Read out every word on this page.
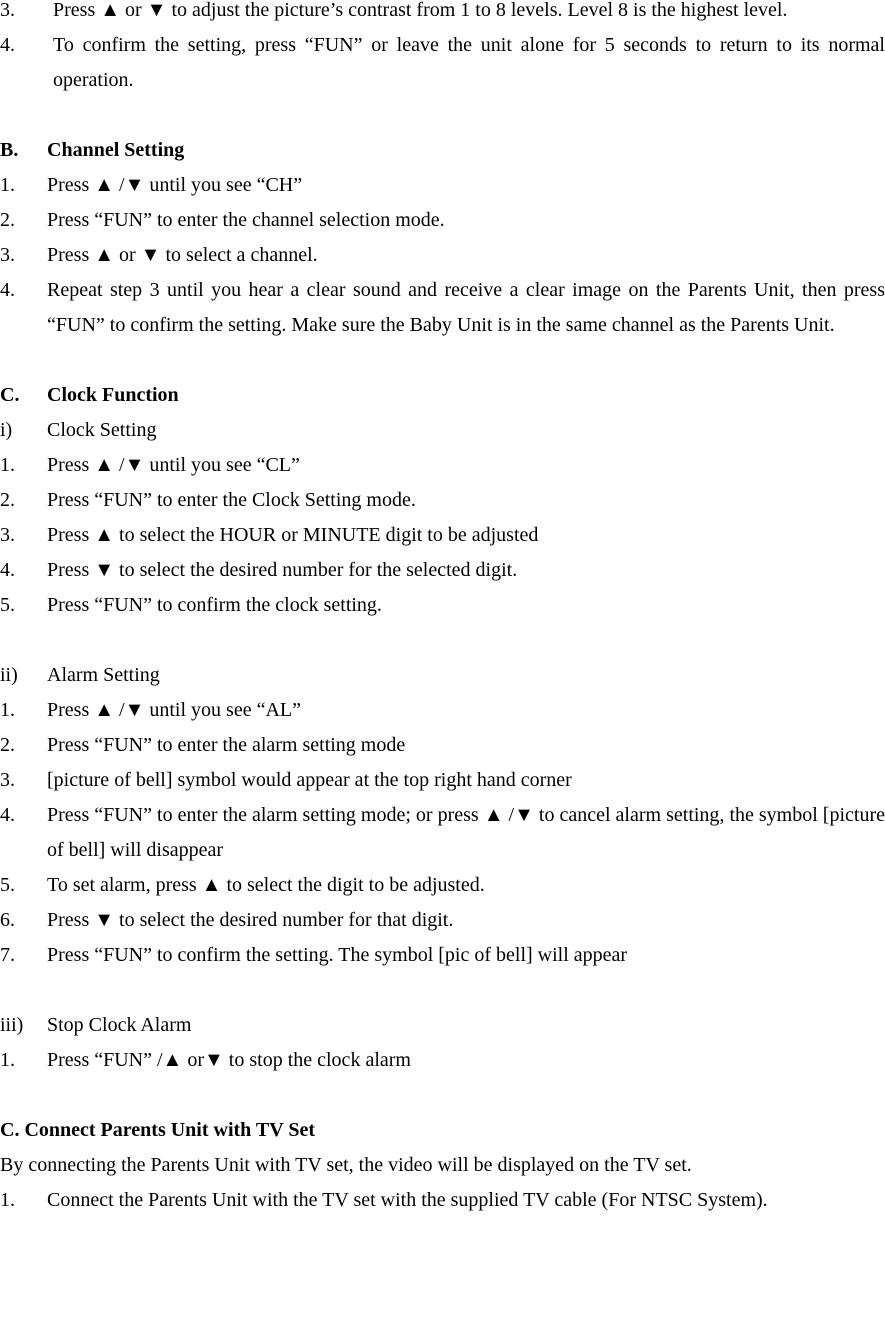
3.	Press ▲ or ▼ to adjust the picture’s contrast from 1 to 8 levels. Level 8 is the highest level.
4.	To confirm the setting, press “FUN” or leave the unit alone for 5 seconds to return to its normal operation.
B.	Channel Setting
1.	Press ▲ /▼ until you see “CH”
2.	Press “FUN” to enter the channel selection mode.
3.	Press ▲ or ▼ to select a channel.
4.	Repeat step 3 until you hear a clear sound and receive a clear image on the Parents Unit, then press “FUN” to confirm the setting. Make sure the Baby Unit is in the same channel as the Parents Unit.
C.	Clock Function
i)	Clock Setting
1.	Press ▲ /▼ until you see “CL”
2.	Press “FUN” to enter the Clock Setting mode.
3.	Press ▲ to select the HOUR or MINUTE digit to be adjusted
4.	Press ▼ to select the desired number for the selected digit.
5.	Press “FUN” to confirm the clock setting.
ii)	Alarm Setting
1.	Press ▲ /▼ until you see “AL”
2.	Press “FUN” to enter the alarm setting mode
3.	[picture of bell] symbol would appear at the top right hand corner
4.	Press “FUN” to enter the alarm setting mode; or press ▲ /▼ to cancel alarm setting, the symbol [picture of bell] will disappear
5.	To set alarm, press ▲ to select the digit to be adjusted.
6.	Press ▼ to select the desired number for that digit.
7.	Press “FUN” to confirm the setting. The symbol [pic of bell] will appear
iii)	Stop Clock Alarm
1.	Press “FUN” /▲ or▼ to stop the clock alarm
C. Connect Parents Unit with TV Set
By connecting the Parents Unit with TV set, the video will be displayed on the TV set.
1.	Connect the Parents Unit with the TV set with the supplied TV cable (For NTSC System).
